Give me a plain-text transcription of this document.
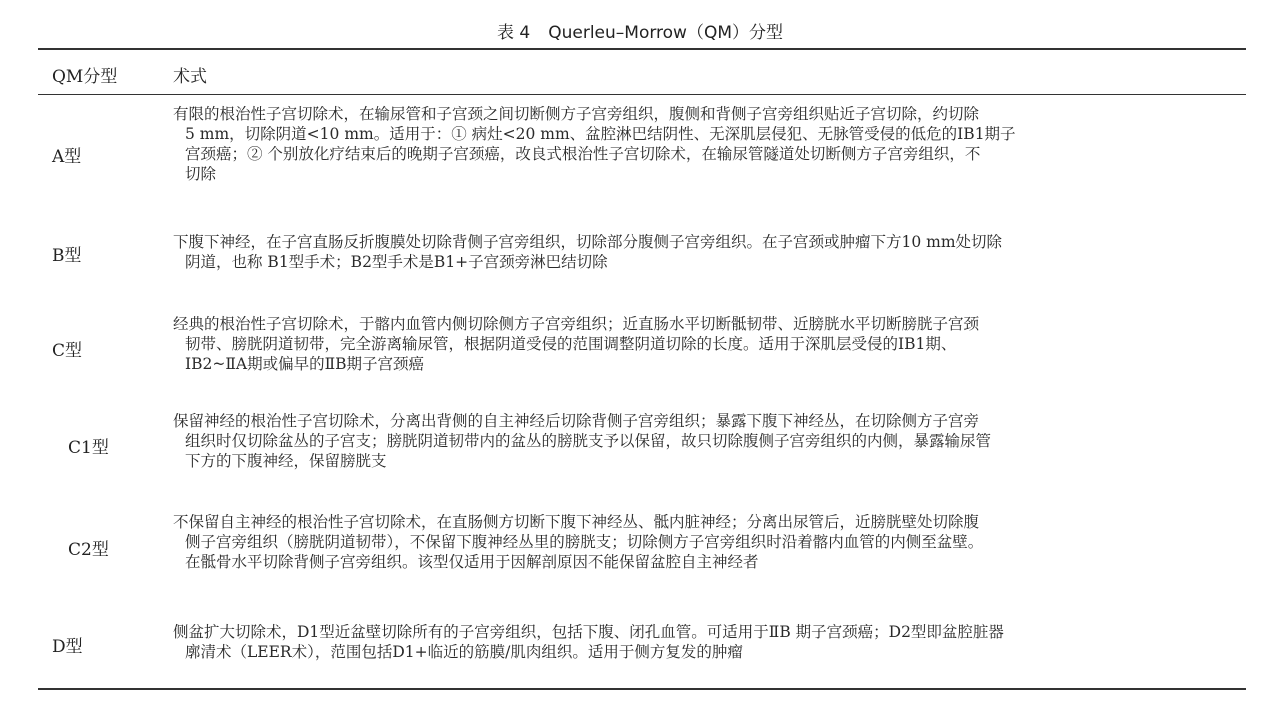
表 4 Querleu–Morrow（QM）分型
QM分型	术式
A型
有限的根治性子宫切除术，在输尿管和子宫颈之间切断侧方子宫旁组织，腹侧和背侧子宫旁组织贴近子宫切除，约切除
5 mm，切除阴道<10 mm。适用于：① 病灶<20 mm、盆腔淋巴结阴性、无深肌层侵犯、无脉管受侵的低危的ⅠB1期子
宫颈癌；② 个别放化疗结束后的晚期子宫颈癌，改良式根治性子宫切除术，在输尿管隧道处切断侧方子宫旁组织，不
切除
B型
下腹下神经，在子宫直肠反折腹膜处切除背侧子宫旁组织，切除部分腹侧子宫旁组织。在子宫颈或肿瘤下方10 mm处切除
阴道，也称 B1型手术；B2型手术是B1+子宫颈旁淋巴结切除
C型
经典的根治性子宫切除术，于髂内血管内侧切除侧方子宫旁组织；近直肠水平切断骶韧带、近膀胱水平切断膀胱子宫颈
韧带、膀胱阴道韧带，完全游离输尿管，根据阴道受侵的范围调整阴道切除的长度。适用于深肌层受侵的ⅠB1期、
ⅠB2~ⅡA期或偏早的ⅡB期子宫颈癌
C1型
保留神经的根治性子宫切除术，分离出背侧的自主神经后切除背侧子宫旁组织；暴露下腹下神经丛，在切除侧方子宫旁
组织时仅切除盆丛的子宫支；膀胱阴道韧带内的盆丛的膀胱支予以保留，故只切除腹侧子宫旁组织的内侧，暴露输尿管
下方的下腹神经，保留膀胱支
C2型
不保留自主神经的根治性子宫切除术，在直肠侧方切断下腹下神经丛、骶内脏神经；分离出尿管后，近膀胱壁处切除腹
侧子宫旁组织（膀胱阴道韧带），不保留下腹神经丛里的膀胱支；切除侧方子宫旁组织时沿着髂内血管的内侧至盆壁。
在骶骨水平切除背侧子宫旁组织。该型仅适用于因解剖原因不能保留盆腔自主神经者
D型
侧盆扩大切除术，D1型近盆壁切除所有的子宫旁组织，包括下腹、闭孔血管。可适用于ⅡB 期子宫颈癌；D2型即盆腔脏器
廓清术（LEER术），范围包括D1+临近的筋膜/肌肉组织。适用于侧方复发的肿瘤
